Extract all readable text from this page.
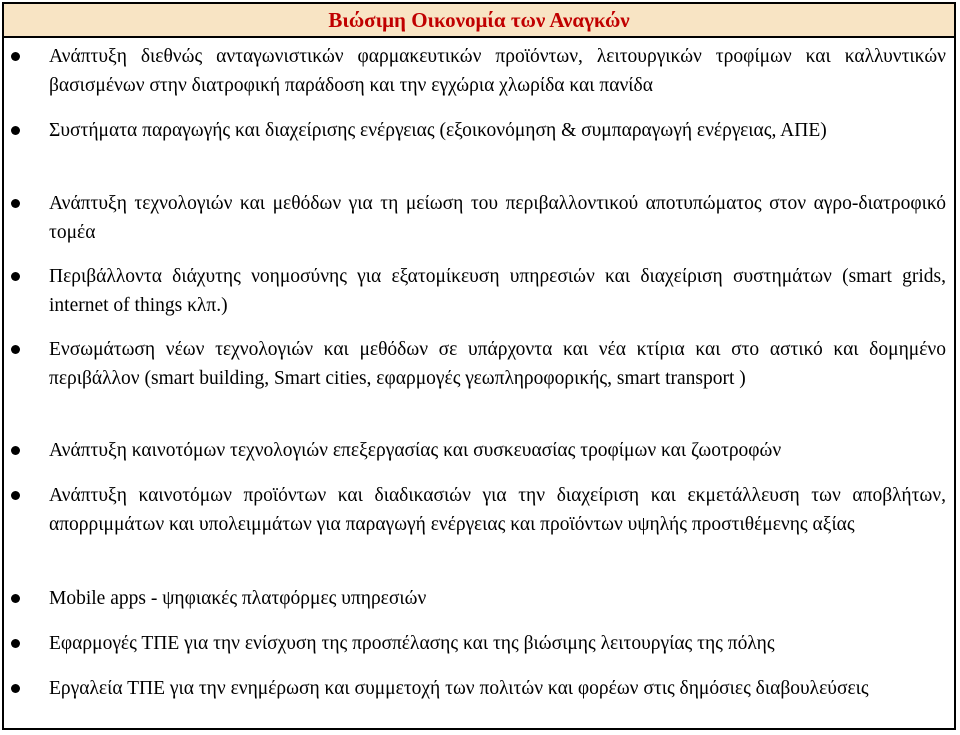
Βιώσιμη Οικονομία των Αναγκών
Ανάπτυξη διεθνώς ανταγωνιστικών φαρμακευτικών προϊόντων, λειτουργικών τροφίμων και καλλυντικών βασισμένων στην διατροφική παράδοση και την εγχώρια χλωρίδα και πανίδα
Συστήματα παραγωγής και διαχείρισης ενέργειας (εξοικονόμηση & συμπαραγωγή ενέργειας, ΑΠΕ)
Ανάπτυξη τεχνολογιών και μεθόδων για τη μείωση του περιβαλλοντικού αποτυπώματος στον αγρο-διατροφικό τομέα
Περιβάλλοντα διάχυτης νοημοσύνης για εξατομίκευση υπηρεσιών και διαχείριση συστημάτων (smart grids, internet of things κλπ.)
Ενσωμάτωση νέων τεχνολογιών και μεθόδων σε υπάρχοντα και νέα κτίρια και στο αστικό και δομημένο περιβάλλον (smart building, Smart cities, εφαρμογές γεωπληροφορικής, smart transport )
Ανάπτυξη καινοτόμων τεχνολογιών επεξεργασίας και συσκευασίας τροφίμων και ζωοτροφών
Ανάπτυξη καινοτόμων προϊόντων και διαδικασιών για την διαχείριση και εκμετάλλευση των αποβλήτων, απορριμμάτων και υπολειμμάτων για παραγωγή ενέργειας και προϊόντων υψηλής προστιθέμενης αξίας
Mobile apps - ψηφιακές πλατφόρμες υπηρεσιών
Εφαρμογές ΤΠΕ για την ενίσχυση της προσπέλασης και της βιώσιμης λειτουργίας της πόλης
Εργαλεία ΤΠΕ για την ενημέρωση και συμμετοχή των πολιτών και φορέων στις δημόσιες διαβουλεύσεις
